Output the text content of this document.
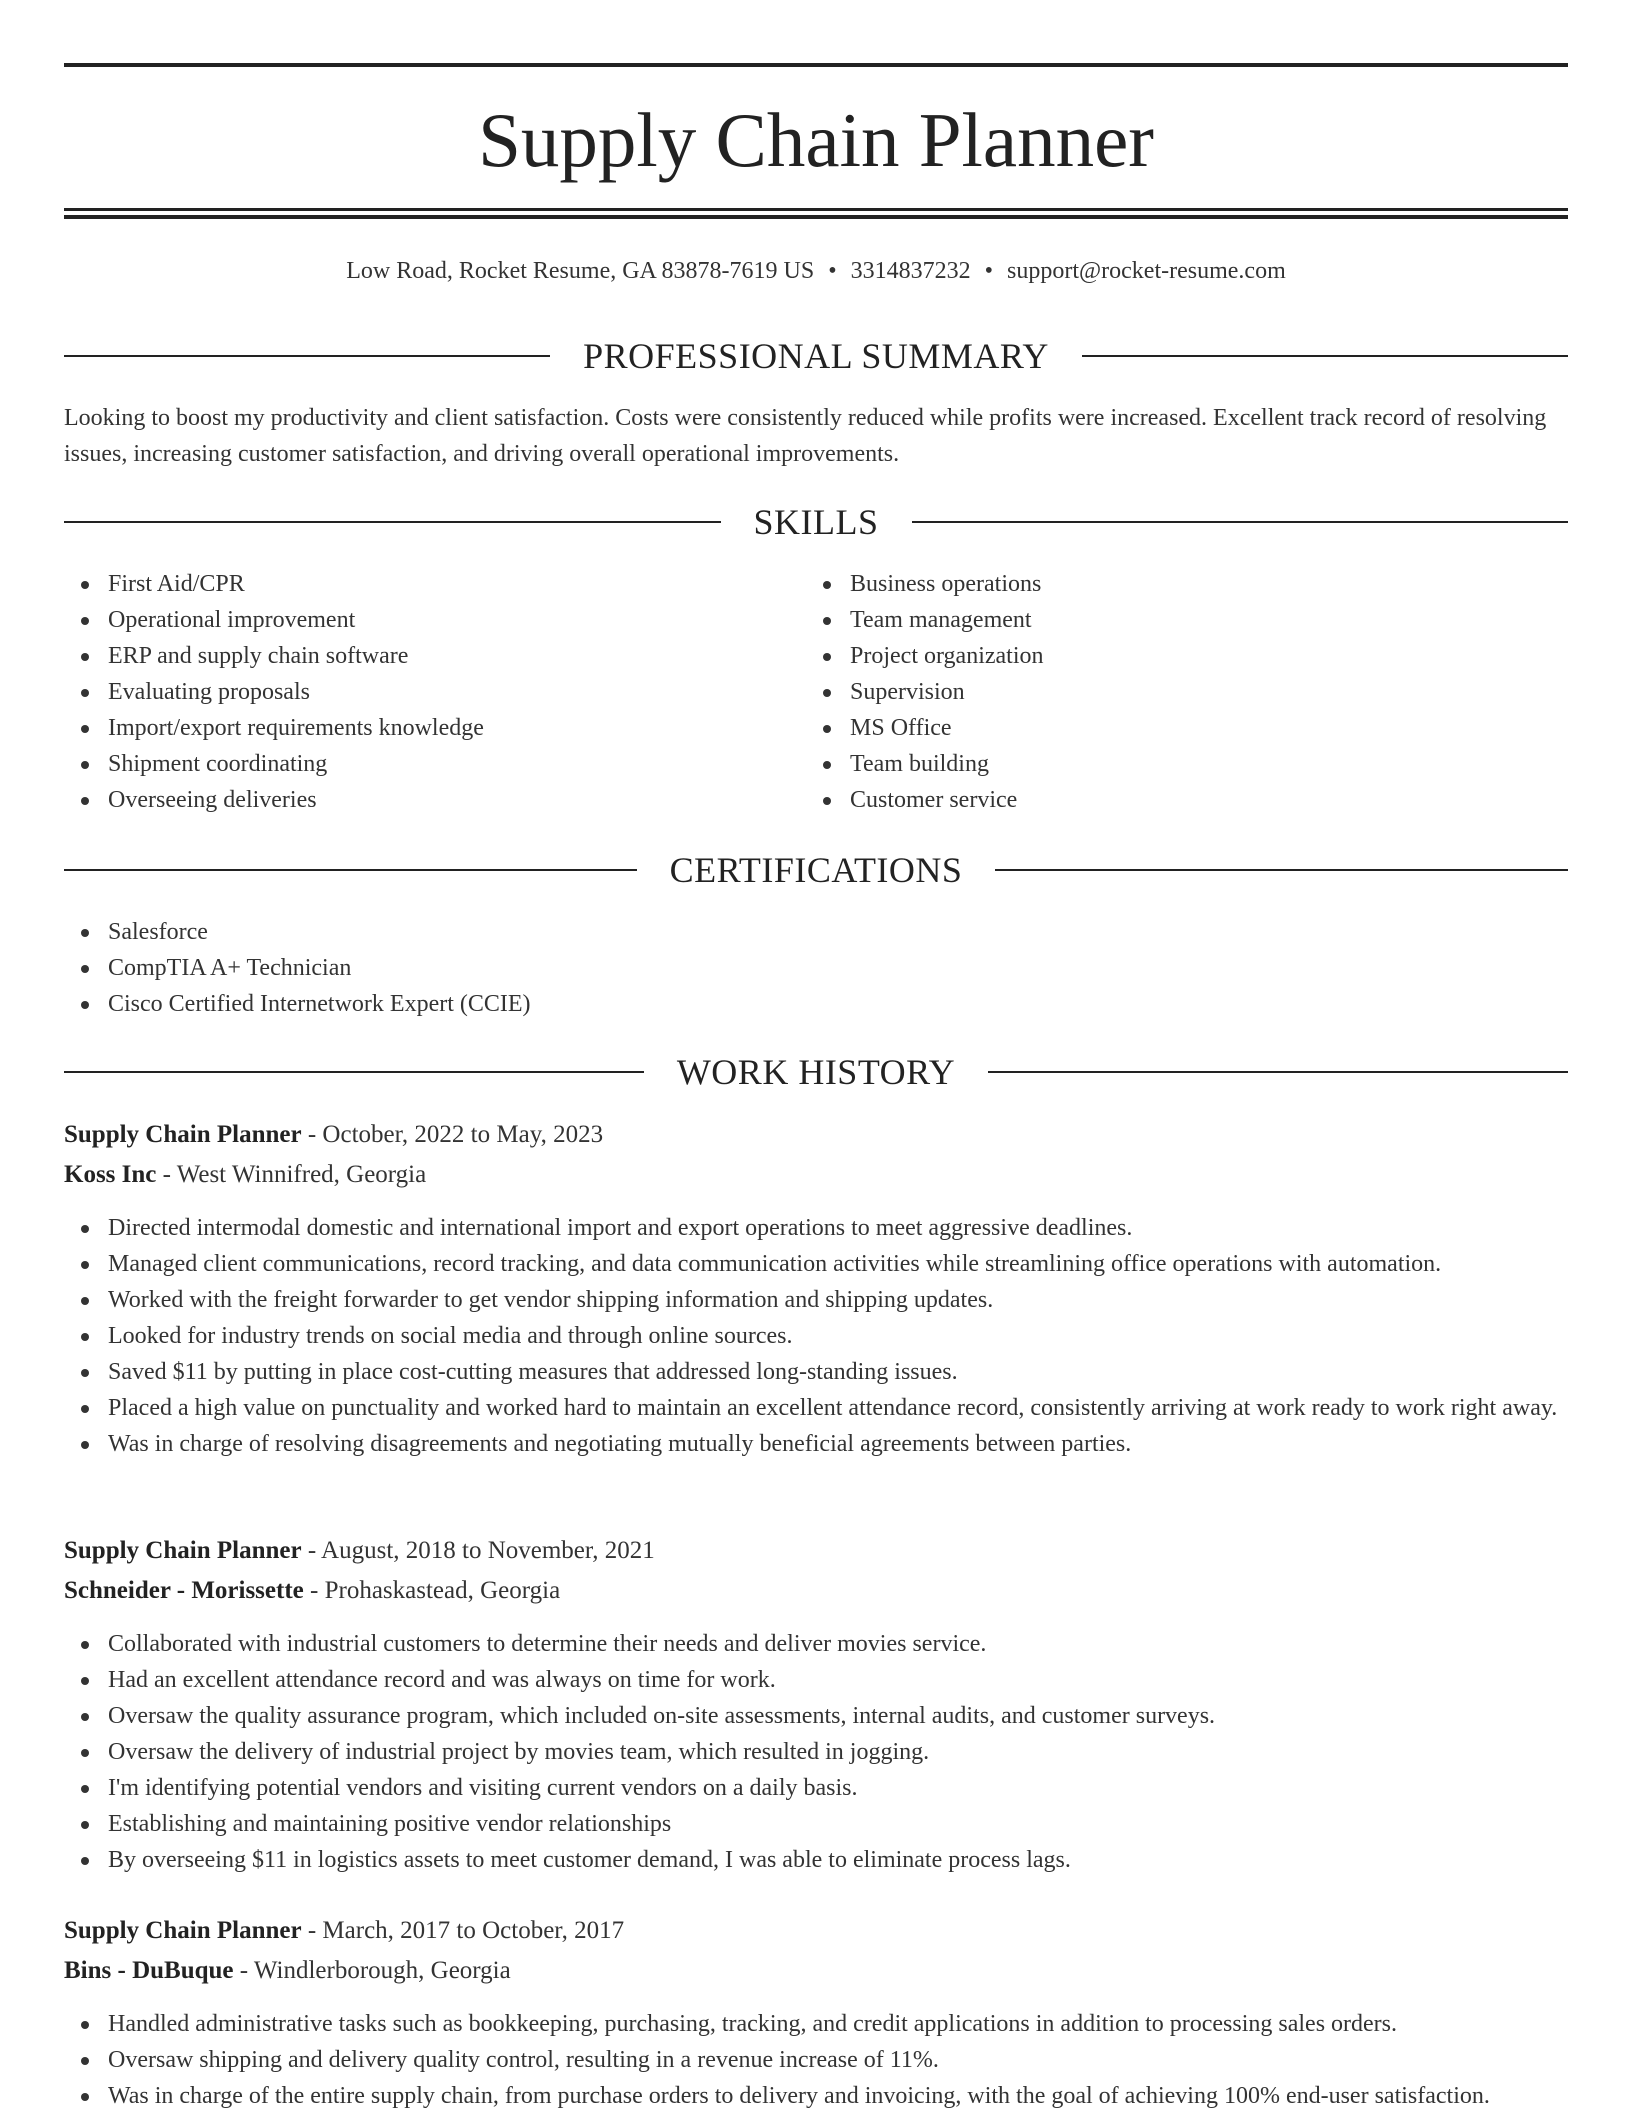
Supply Chain Planner
Low Road, Rocket Resume, GA 83878-7619 US • 3314837232 • support@rocket-resume.com
PROFESSIONAL SUMMARY

Looking to boost my productivity and client satisfaction. Costs were consistently reduced while profits were increased. Excellent track record of resolving issues, increasing customer satisfaction, and driving overall operational improvements.

SKILLS
First Aid/CPR
Operational improvement
ERP and supply chain software
Evaluating proposals
Import/export requirements knowledge
Shipment coordinating
Overseeing deliveries
Business operations
Team management
Project organization
Supervision
MS Office
Team building
Customer service
CERTIFICATIONS
Salesforce
CompTIA A+ Technician
Cisco Certified Internetwork Expert (CCIE)
WORK HISTORY
Supply Chain Planner - October, 2022 to May, 2023
Koss Inc - West Winnifred, Georgia
Directed intermodal domestic and international import and export operations to meet aggressive deadlines.
Managed client communications, record tracking, and data communication activities while streamlining office operations with automation.
Worked with the freight forwarder to get vendor shipping information and shipping updates.
Looked for industry trends on social media and through online sources.
Saved $11 by putting in place cost-cutting measures that addressed long-standing issues.
Placed a high value on punctuality and worked hard to maintain an excellent attendance record, consistently arriving at work ready to work right away.
Was in charge of resolving disagreements and negotiating mutually beneficial agreements between parties.
Supply Chain Planner - August, 2018 to November, 2021
Schneider - Morissette - Prohaskastead, Georgia
Collaborated with industrial customers to determine their needs and deliver movies service.
Had an excellent attendance record and was always on time for work.
Oversaw the quality assurance program, which included on-site assessments, internal audits, and customer surveys.
Oversaw the delivery of industrial project by movies team, which resulted in jogging.
I'm identifying potential vendors and visiting current vendors on a daily basis.
Establishing and maintaining positive vendor relationships
By overseeing $11 in logistics assets to meet customer demand, I was able to eliminate process lags.
Supply Chain Planner - March, 2017 to October, 2017
Bins - DuBuque - Windlerborough, Georgia
Handled administrative tasks such as bookkeeping, purchasing, tracking, and credit applications in addition to processing sales orders.
Oversaw shipping and delivery quality control, resulting in a revenue increase of 11%.
Was in charge of the entire supply chain, from purchase orders to delivery and invoicing, with the goal of achieving 100% end-user satisfaction.
